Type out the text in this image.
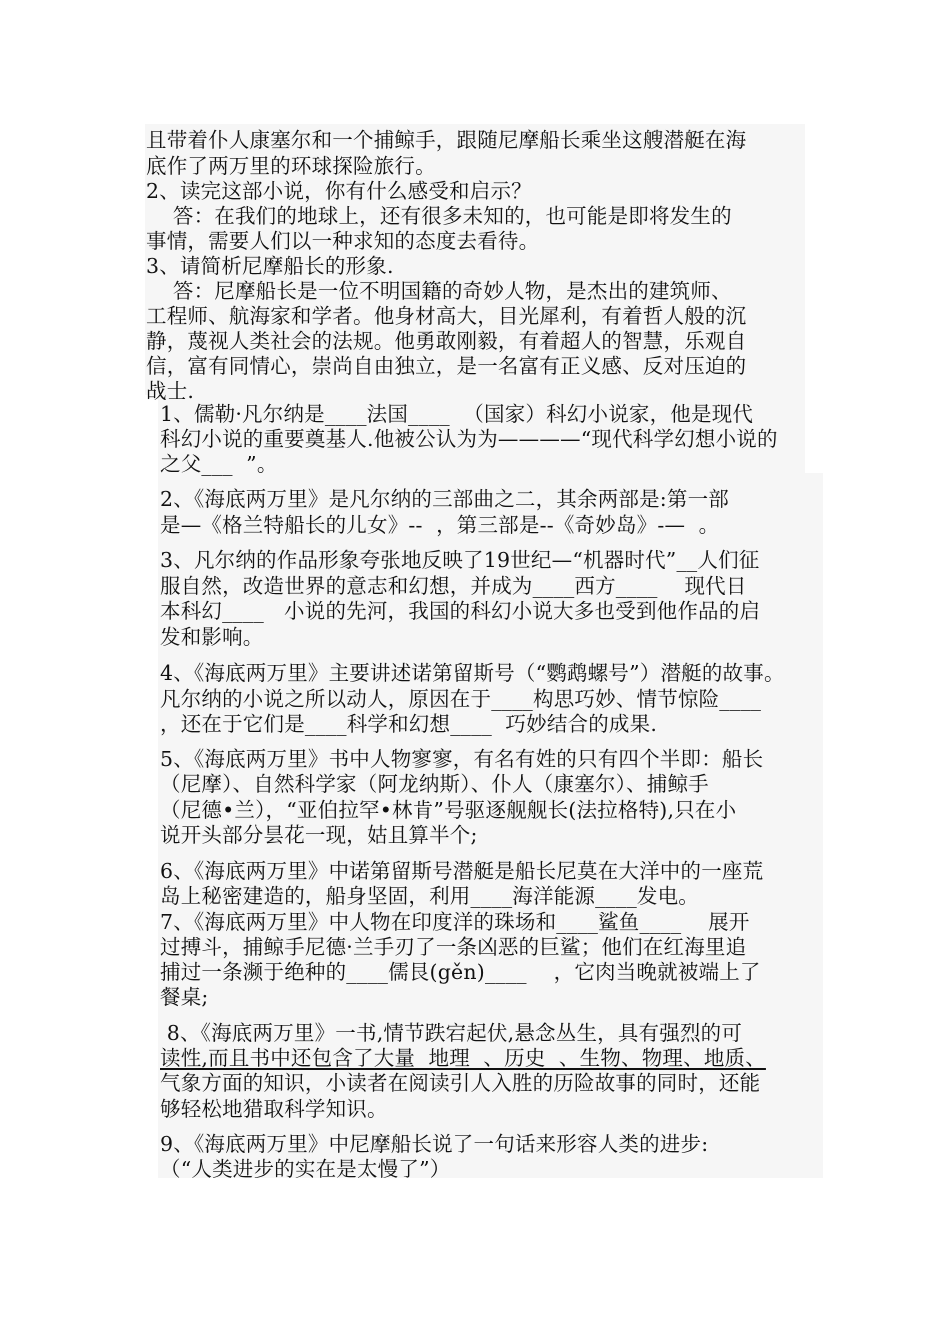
且带着仆人康塞尔和一个捕鲸手，跟随尼摩船长乘坐这艘潜艇在海
底作了两万里的环球探险旅行。
2、读完这部小说，你有什么感受和启示？
答：在我们的地球上，还有很多未知的，也可能是即将发生的
事情，需要人们以一种求知的态度去看待。
3、请简析尼摩船长的形象.
答：尼摩船长是一位不明国籍的奇妙人物，是杰出的建筑师、
工程师、航海家和学者。他身材高大，目光犀利，有着哲人般的沉
静，蔑视人类社会的法规。他勇敢刚毅，有着超人的智慧，乐观自
信，富有同情心，崇尚自由独立，是一名富有正义感、反对压迫的
战士.
1、儒勒·凡尔纳是____法国____  （国家）科幻小说家，他是现代
科幻小说的重要奠基人.他被公认为为————“现代科学幻想小说的
之父___  ”。
2、《海底两万里》是凡尔纳的三部曲之二，其余两部是:第一部
是—《格兰特船长的儿女》--  ，第三部是--《奇妙岛》-—  。
3、凡尔纳的作品形象夸张地反映了19世纪—“机器时代”__人们征
服自然，改造世界的意志和幻想，并成为____西方____    现代日
本科幻____   小说的先河，我国的科幻小说大多也受到他作品的启
发和影响。
4、《海底两万里》主要讲述诺第留斯号（“鹦鹉螺号”）潜艇的故事。
凡尔纳的小说之所以动人，原因在于____构思巧妙、情节惊险____
，还在于它们是____科学和幻想____  巧妙结合的成果.
5、《海底两万里》书中人物寥寥，有名有姓的只有四个半即：船长
（尼摩）、自然科学家（阿龙纳斯）、仆人（康塞尔）、捕鲸手
（尼德•兰），“亚伯拉罕•林肯”号驱逐舰舰长(法拉格特),只在小
说开头部分昙花一现，姑且算半个;
6、《海底两万里》中诺第留斯号潜艇是船长尼莫在大洋中的一座荒
岛上秘密建造的，船身坚固，利用____海洋能源____发电。
7、《海底两万里》中人物在印度洋的珠场和____鲨鱼____    展开
过搏斗，捕鲸手尼德·兰手刃了一条凶恶的巨鲨；他们在红海里追
捕过一条濒于绝种的____儒艮(gěn)____    ，它肉当晚就被端上了
餐桌;
8、《海底两万里》一书,情节跌宕起伏,悬念丛生，具有强烈的可
读性,而且书中还包含了大量  地理  、历史  、生物、物理、地质、
气象方面的知识，小读者在阅读引人入胜的历险故事的同时，还能
够轻松地猎取科学知识。
9、《海底两万里》中尼摩船长说了一句话来形容人类的进步:
（“人类进步的实在是太慢了”）
